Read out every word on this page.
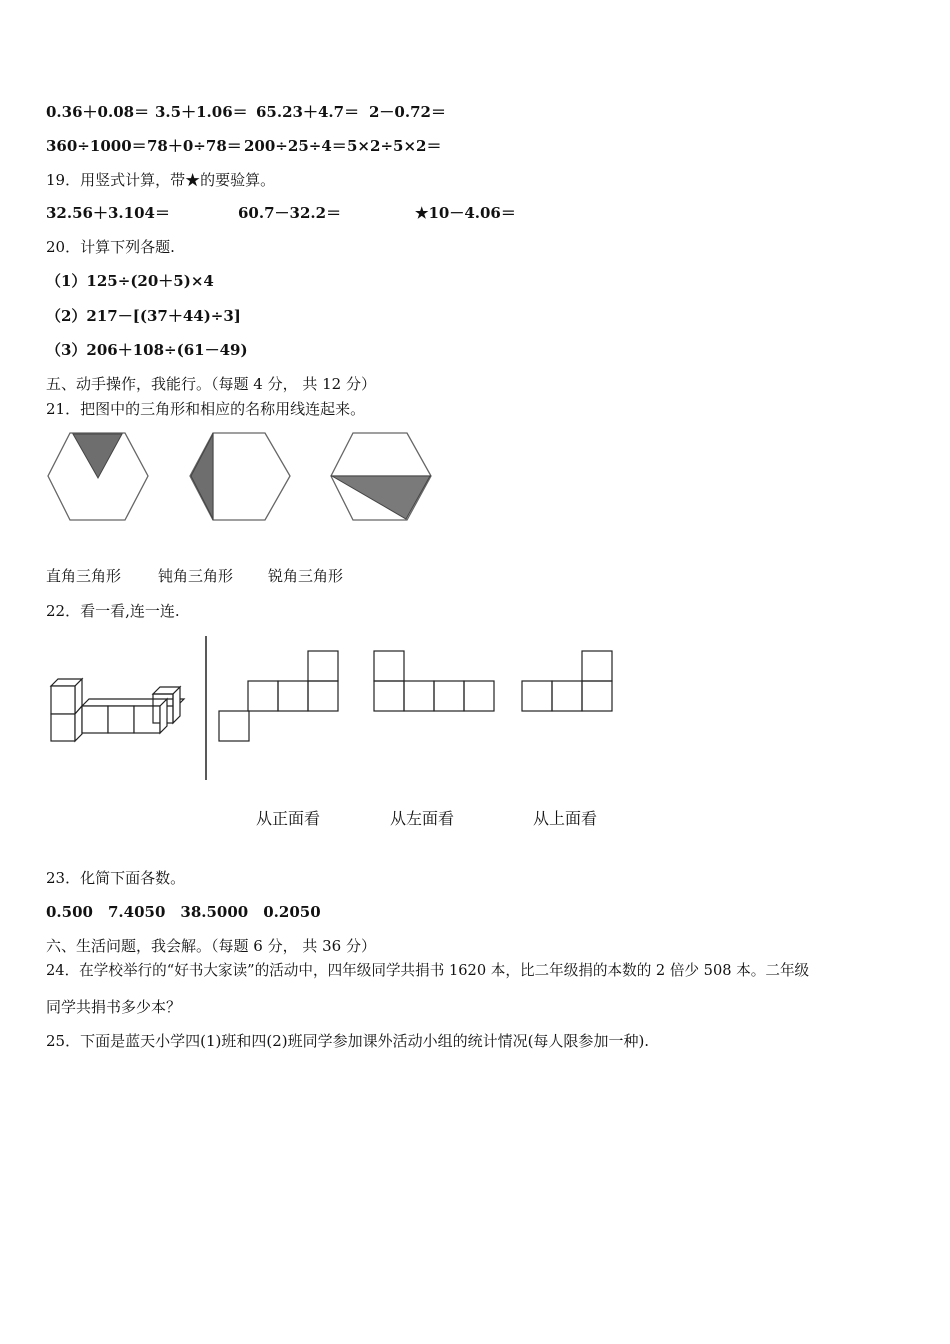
0.36＋0.08＝ 3.5＋1.06＝ 65.23＋4.7＝ 2－0.72＝
360÷1000＝ 78＋0÷78＝ 200÷25÷4＝ 5×2÷5×2＝
19．用竖式计算，带★的要验算。
32.56＋3.104＝	60.7－32.2＝	★10－4.06＝
20．计算下列各题.
（1）125÷(20＋5)×4
（2）217－[(37＋44)÷3]
（3）206＋108÷(61－49)
五、动手操作，我能行。（每题 4 分， 共 12 分）
21．把图中的三角形和相应的名称用线连起来。
直角三角形 钝角三角形 锐角三角形
22．看一看,连一连.
从正面看	从左面看	从上面看
23．化简下面各数。
0.500　7.4050　38.5000　0.2050
六、生活问题，我会解。（每题 6 分， 共 36 分）
24．在学校举行的“好书大家读”的活动中，四年级同学共捐书 1620 本，比二年级捐的本数的 2 倍少 508 本。二年级
同学共捐书多少本？
25．下面是蓝天小学四(1)班和四(2)班同学参加课外活动小组的统计情况(每人限参加一种).
